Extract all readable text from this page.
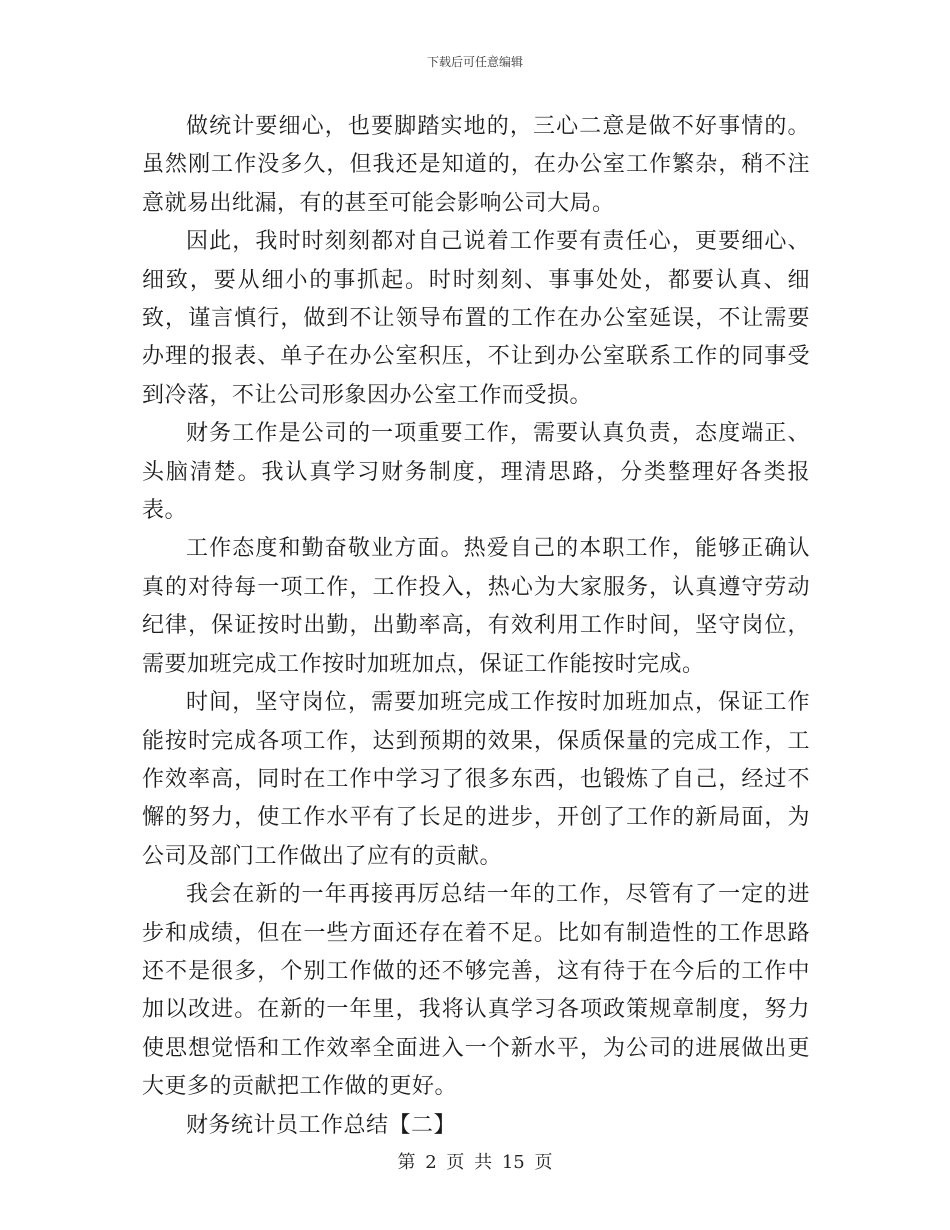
下载后可任意编辑

做统计要细心，也要脚踏实地的，三心二意是做不好事情的。虽然刚工作没多久，但我还是知道的，在办公室工作繁杂，稍不注意就易出纰漏，有的甚至可能会影响公司大局。

因此，我时时刻刻都对自己说着工作要有责任心，更要细心、细致，要从细小的事抓起。时时刻刻、事事处处，都要认真、细致，谨言慎行，做到不让领导布置的工作在办公室延误，不让需要办理的报表、单子在办公室积压，不让到办公室联系工作的同事受到冷落，不让公司形象因办公室工作而受损。

财务工作是公司的一项重要工作，需要认真负责，态度端正、头脑清楚。我认真学习财务制度，理清思路，分类整理好各类报表。

工作态度和勤奋敬业方面。热爱自己的本职工作，能够正确认真的对待每一项工作，工作投入，热心为大家服务，认真遵守劳动纪律，保证按时出勤，出勤率高，有效利用工作时间，坚守岗位，需要加班完成工作按时加班加点，保证工作能按时完成。

时间，坚守岗位，需要加班完成工作按时加班加点，保证工作能按时完成各项工作，达到预期的效果，保质保量的完成工作，工作效率高，同时在工作中学习了很多东西，也锻炼了自己，经过不懈的努力，使工作水平有了长足的进步，开创了工作的新局面，为公司及部门工作做出了应有的贡献。

我会在新的一年再接再厉总结一年的工作，尽管有了一定的进步和成绩，但在一些方面还存在着不足。比如有制造性的工作思路还不是很多，个别工作做的还不够完善，这有待于在今后的工作中加以改进。在新的一年里，我将认真学习各项政策规章制度，努力使思想觉悟和工作效率全面进入一个新水平，为公司的进展做出更大更多的贡献把工作做的更好。

财务统计员工作总结【二】

第 2 页 共 15 页
